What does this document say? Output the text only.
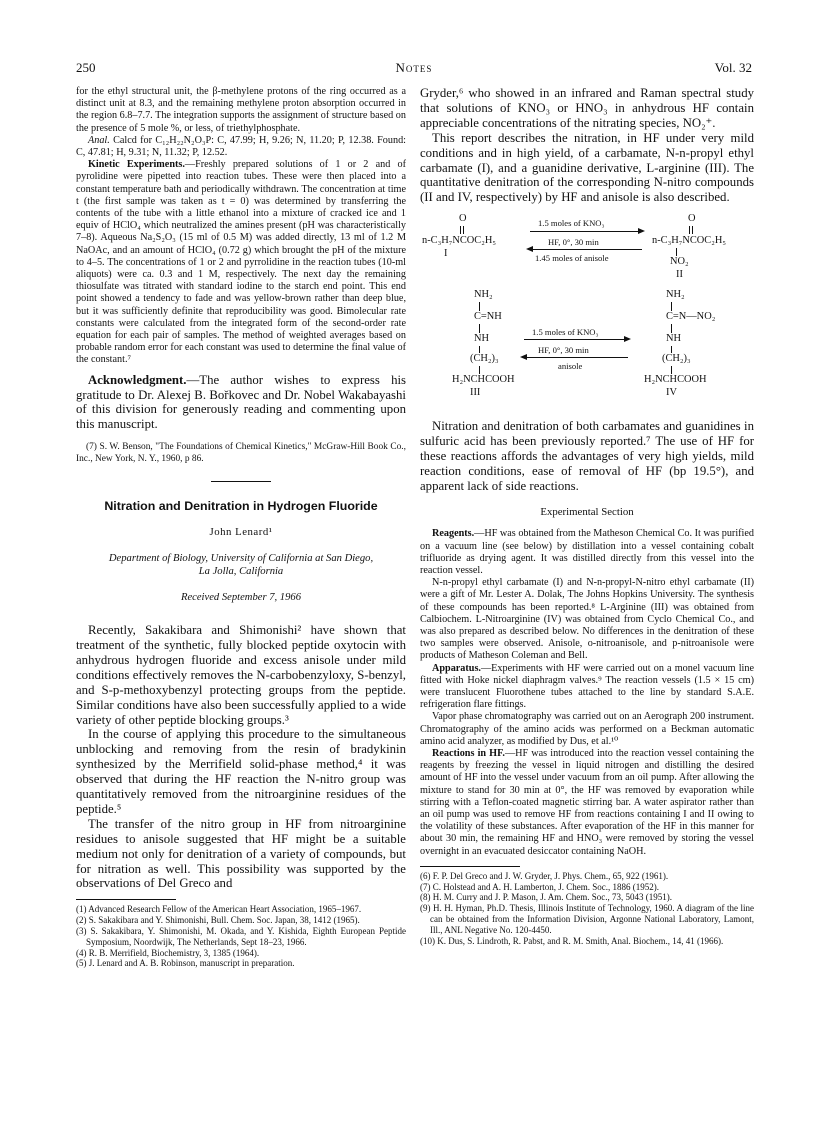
250	Notes	Vol. 32

for the ethyl structural unit, the β-methylene protons of the ring occurred as a distinct unit at 8.3, and the remaining methylene proton absorption occurred in the region 6.8–7.7. The integration supports the assignment of structure based on the presence of 5 mole %, or less, of triethylphosphate.

Anal. Calcd for C₁₂H₂₂N₂O₃P: C, 47.99; H, 9.26; N, 11.20; P, 12.38. Found: C, 47.81; H, 9.31; N, 11.32; P, 12.52.

Kinetic Experiments.—Freshly prepared solutions of 1 or 2 and of pyrolidine were pipetted into reaction tubes. These were then placed into a constant temperature bath and periodically withdrawn. The concentration at time t (the first sample was taken as t = 0) was determined by transferring the contents of the tube with a little ethanol into a mixture of cracked ice and 1 equiv of HClO₄ which neutralized the amines present (pH was characteristically 7–8). Aqueous Na₂S₂O₃ (15 ml of 0.5 M) was added directly, 13 ml of 1.2 M NaOAc, and an amount of HClO₄ (0.72 g) which brought the pH of the mixture to 4–5. The concentrations of 1 or 2 and pyrrolidine in the reaction tubes (10-ml aliquots) were ca. 0.3 and 1 M, respectively. The next day the remaining thiosulfate was titrated with standard iodine to the starch end point. This end point showed a tendency to fade and was yellow-brown rather than deep blue, but it was sufficiently definite that reproducibility was good. Bimolecular rate constants were calculated from the integrated form of the second-order rate equation for each pair of samples. The method of weighted averages based on probable random error for each constant was used to determine the final value of the constant.⁷

Acknowledgment.—The author wishes to express his gratitude to Dr. Alexej B. Bořkovec and Dr. Nobel Wakabayashi of this division for generously reading and commenting upon this manuscript.

(7) S. W. Benson, "The Foundations of Chemical Kinetics," McGraw-Hill Book Co., Inc., New York, N. Y., 1960, p 86.

Nitration and Denitration in Hydrogen Fluoride
John Lenard¹
Department of Biology, University of California at San Diego,
La Jolla, California
Received September 7, 1966

Recently, Sakakibara and Shimonishi² have shown that treatment of the synthetic, fully blocked peptide oxytocin with anhydrous hydrogen fluoride and excess anisole under mild conditions effectively removes the N-carbobenzyloxy, S-benzyl, and S-p-methoxybenzyl protecting groups from the peptide. Similar conditions have also been successfully applied to a wide variety of other peptide blocking groups.³

In the course of applying this procedure to the simultaneous unblocking and removing from the resin of bradykinin synthesized by the Merrifield solid-phase method,⁴ it was observed that during the HF reaction the N-nitro group was quantitatively removed from the nitroarginine residues of the peptide.⁵

The transfer of the nitro group in HF from nitroarginine residues to anisole suggested that HF might be a suitable medium not only for denitration of a variety of compounds, but for nitration as well. This possibility was supported by the observations of Del Greco and

(1) Advanced Research Fellow of the American Heart Association, 1965–1967.

(2) S. Sakakibara and Y. Shimonishi, Bull. Chem. Soc. Japan, 38, 1412 (1965).

(3) S. Sakakibara, Y. Shimonishi, M. Okada, and Y. Kishida, Eighth European Peptide Symposium, Noordwijk, The Netherlands, Sept 18–23, 1966.

(4) R. B. Merrifield, Biochemistry, 3, 1385 (1964).

(5) J. Lenard and A. B. Robinson, manuscript in preparation.

Gryder,⁶ who showed in an infrared and Raman spectral study that solutions of KNO₃ or HNO₃ in anhydrous HF contain appreciable concentrations of the nitrating species, NO₂⁺.

This report describes the nitration, in HF under very mild conditions and in high yield, of a carbamate, N-n-propyl ethyl carbamate (I), and a guanidine derivative, L-arginine (III). The quantitative denitration of the corresponding N-nitro compounds (II and IV, respectively) by HF and anisole is also described.

O
n-C₃H₇NCOC₂H₅
I
1.5 moles of KNO₃
HF, 0°, 30 min
1.45 moles of anisole
O
n-C₃H₇NCOC₂H₅
NO₂
II
NH₂
C=NH
NH
(CH₂)₃
H₂NCHCOOH
III
1.5 moles of KNO₃
HF, 0°, 30 min
anisole
NH₂
C=N—NO₂
NH
(CH₂)₃
H₂NCHCOOH
IV

Nitration and denitration of both carbamates and guanidines in sulfuric acid has been previously reported.⁷ The use of HF for these reactions affords the advantages of very high yields, mild reaction conditions, ease of removal of HF (bp 19.5°), and apparent lack of side reactions.

Experimental Section

Reagents.—HF was obtained from the Matheson Chemical Co. It was purified on a vacuum line (see below) by distillation into a vessel containing cobalt trifluoride as drying agent. It was distilled directly from this vessel into the reaction vessel.

N-n-propyl ethyl carbamate (I) and N-n-propyl-N-nitro ethyl carbamate (II) were a gift of Mr. Lester A. Dolak, The Johns Hopkins University. The synthesis of these compounds has been reported.⁸ L-Arginine (III) was obtained from Calbiochem. L-Nitroarginine (IV) was obtained from Cyclo Chemical Co., and was also prepared as described below. No differences in the denitration of these two samples were observed. Anisole, o-nitroanisole, and p-nitroanisole were products of Matheson Coleman and Bell.

Apparatus.—Experiments with HF were carried out on a monel vacuum line fitted with Hoke nickel diaphragm valves.⁹ The reaction vessels (1.5 × 15 cm) were translucent Fluorothene tubes attached to the line by standard S.A.E. refrigeration flare fittings.

Vapor phase chromatography was carried out on an Aerograph 200 instrument. Chromatography of the amino acids was performed on a Beckman automatic amino acid analyzer, as modified by Dus, et al.¹⁰

Reactions in HF.—HF was introduced into the reaction vessel containing the reagents by freezing the vessel in liquid nitrogen and distilling the desired amount of HF into the vessel under vacuum from an oil pump. After allowing the mixture to stand for 30 min at 0°, the HF was removed by evaporation while stirring with a Teflon-coated magnetic stirring bar. A water aspirator rather than an oil pump was used to remove HF from reactions containing I and II owing to the volatility of these substances. After evaporation of the HF in this manner for about 30 min, the remaining HF and HNO₃ were removed by storing the vessel overnight in an evacuated desiccator containing NaOH.

(6) F. P. Del Greco and J. W. Gryder, J. Phys. Chem., 65, 922 (1961).

(7) C. Holstead and A. H. Lamberton, J. Chem. Soc., 1886 (1952).

(8) H. M. Curry and J. P. Mason, J. Am. Chem. Soc., 73, 5043 (1951).

(9) H. H. Hyman, Ph.D. Thesis, Illinois Institute of Technology, 1960. A diagram of the line can be obtained from the Information Division, Argonne National Laboratory, Lamont, Ill., ANL Negative No. 120-4450.

(10) K. Dus, S. Lindroth, R. Pabst, and R. M. Smith, Anal. Biochem., 14, 41 (1966).
